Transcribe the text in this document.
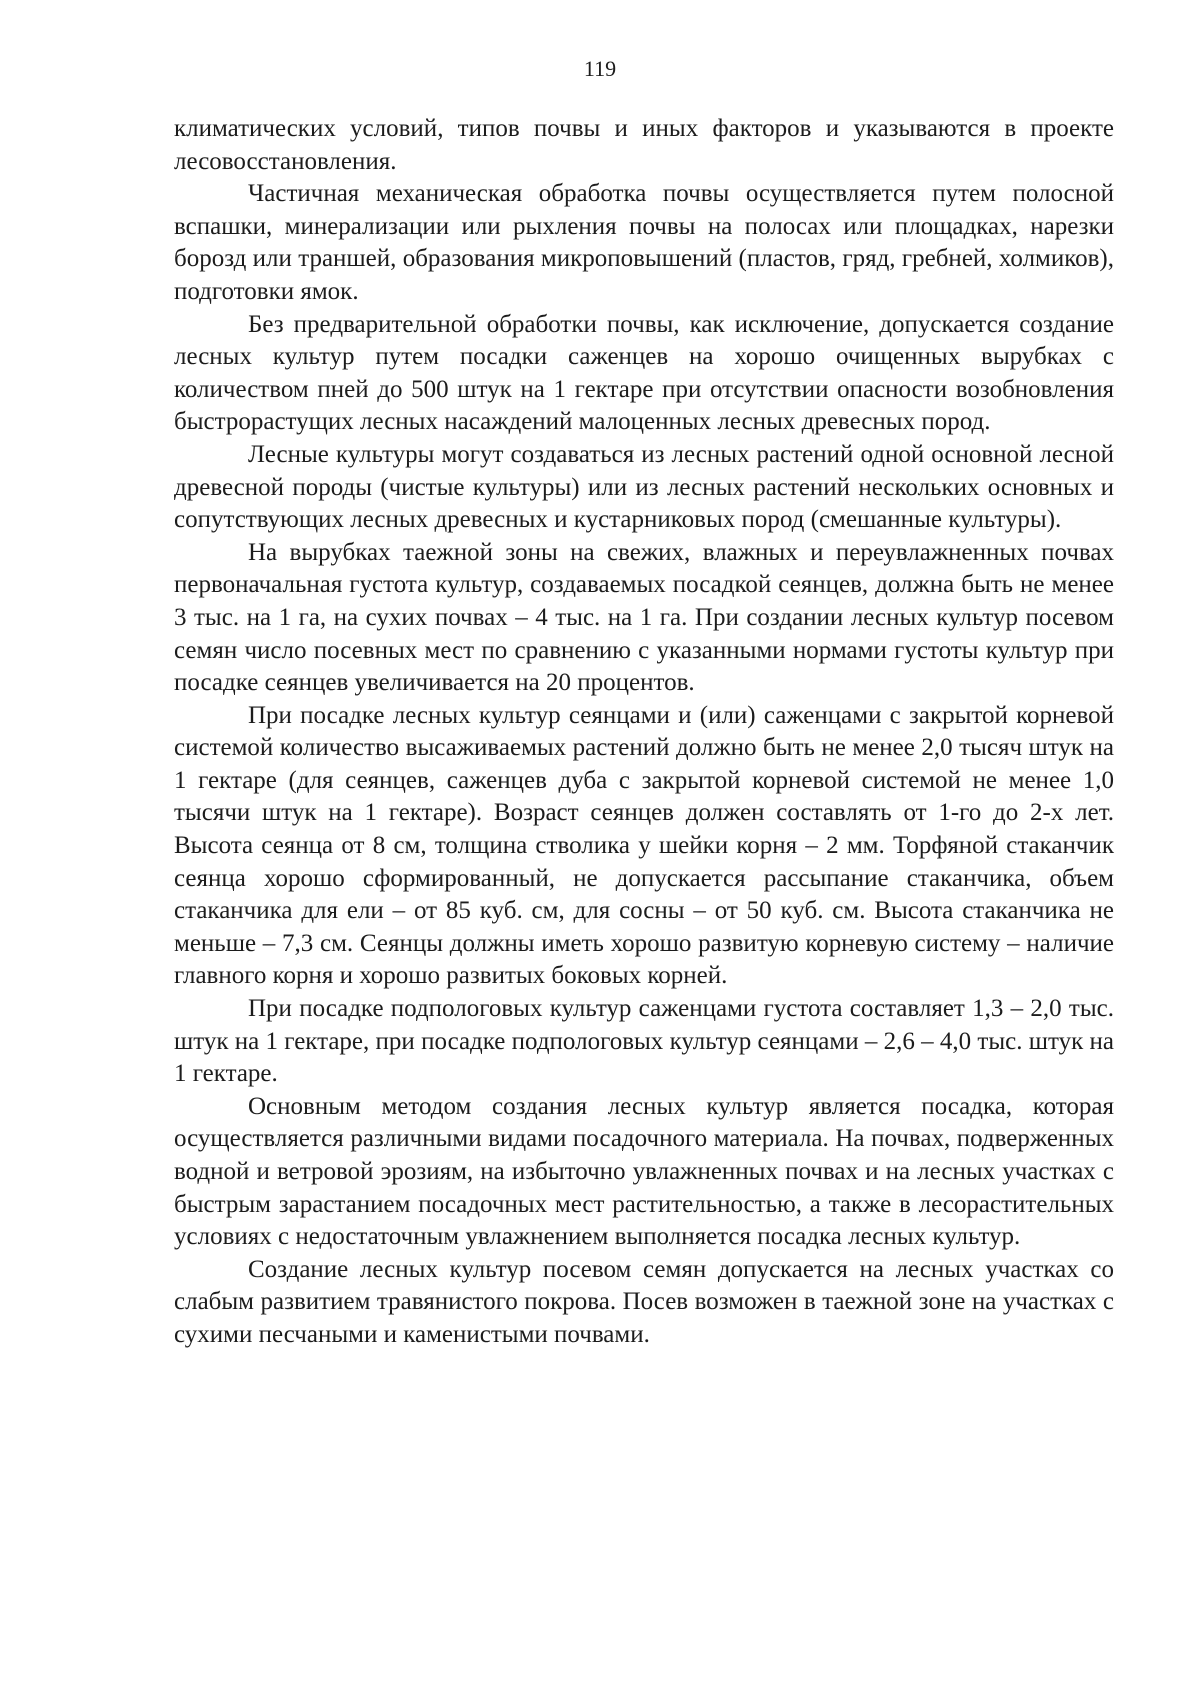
119

климатических условий, типов почвы и иных факторов и указываются в проекте лесовосстановления.

Частичная механическая обработка почвы осуществляется путем полосной вспашки, минерализации или рыхления почвы на полосах или площадках, нарезки борозд или траншей, образования микроповышений (пластов, гряд, гребней, холмиков), подготовки ямок.

Без предварительной обработки почвы, как исключение, допускается создание лесных культур путем посадки саженцев на хорошо очищенных вырубках с количеством пней до 500 штук на 1 гектаре при отсутствии опасности возобновления быстрорастущих лесных насаждений малоценных лесных древесных пород.

Лесные культуры могут создаваться из лесных растений одной основной лесной древесной породы (чистые культуры) или из лесных растений нескольких основных и сопутствующих лесных древесных и кустарниковых пород (смешанные культуры).

На вырубках таежной зоны на свежих, влажных и переувлажненных почвах первоначальная густота культур, создаваемых посадкой сеянцев, должна быть не менее 3 тыс. на 1 га, на сухих почвах – 4 тыс. на 1 га. При создании лесных культур посевом семян число посевных мест по сравнению с указанными нормами густоты культур при посадке сеянцев увеличивается на 20 процентов.

При посадке лесных культур сеянцами и (или) саженцами с закрытой корневой системой количество высаживаемых растений должно быть не менее 2,0 тысяч штук на 1 гектаре (для сеянцев, саженцев дуба с закрытой корневой системой не менее 1,0 тысячи штук на 1 гектаре). Возраст сеянцев должен составлять от 1-го до 2-х лет. Высота сеянца от 8 см, толщина стволика у шейки корня – 2 мм. Торфяной стаканчик сеянца хорошо сформированный, не допускается рассыпание стаканчика, объем стаканчика для ели – от 85 куб. см, для сосны – от 50 куб. см. Высота стаканчика не меньше – 7,3 см. Сеянцы должны иметь хорошо развитую корневую систему – наличие главного корня и хорошо развитых боковых корней.

При посадке подпологовых культур саженцами густота составляет 1,3 – 2,0 тыс. штук на 1 гектаре, при посадке подпологовых культур сеянцами – 2,6 – 4,0 тыс. штук на 1 гектаре.

Основным методом создания лесных культур является посадка, которая осуществляется различными видами посадочного материала. На почвах, подверженных водной и ветровой эрозиям, на избыточно увлажненных почвах и на лесных участках с быстрым зарастанием посадочных мест растительностью, а также в лесорастительных условиях с недостаточным увлажнением выполняется посадка лесных культур.

Создание лесных культур посевом семян допускается на лесных участках со слабым развитием травянистого покрова. Посев возможен в таежной зоне на участках с сухими песчаными и каменистыми почвами.
